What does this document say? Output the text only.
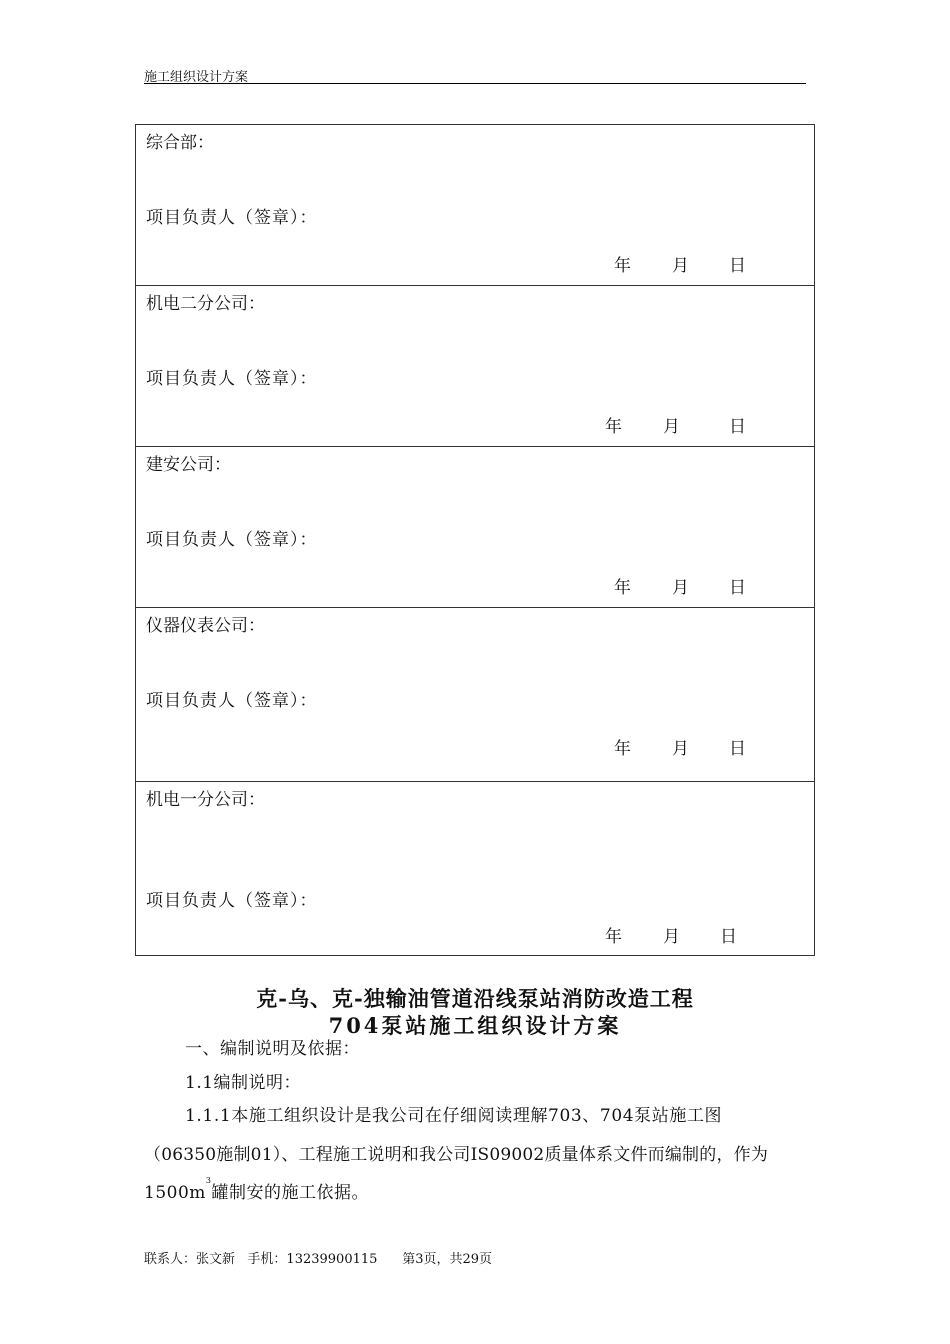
施工组织设计方案
综合部：
项目负责人（签章）：
年 月 日
机电二分公司：
项目负责人（签章）：
年 月	日
建安公司：
项目负责人（签章）：
年 月 日
仪器仪表公司：
项目负责人（签章）：
年 月 日
机电一分公司：
项目负责人（签章）：
年 月 日
克-乌、克-独输油管道沿线泵站消防改造工程
704泵站施工组织设计方案
一、编制说明及依据：
1.1编制说明：
1.1.1本施工组织设计是我公司在仔细阅读理解703、704泵站施工图
（06350施制01）、工程施工说明和我公司IS09002质量体系文件而编制的，作为
$1500m^3$罐制安的施工依据。
联系人：张文新 手机：13239900115 第3页，共29页
